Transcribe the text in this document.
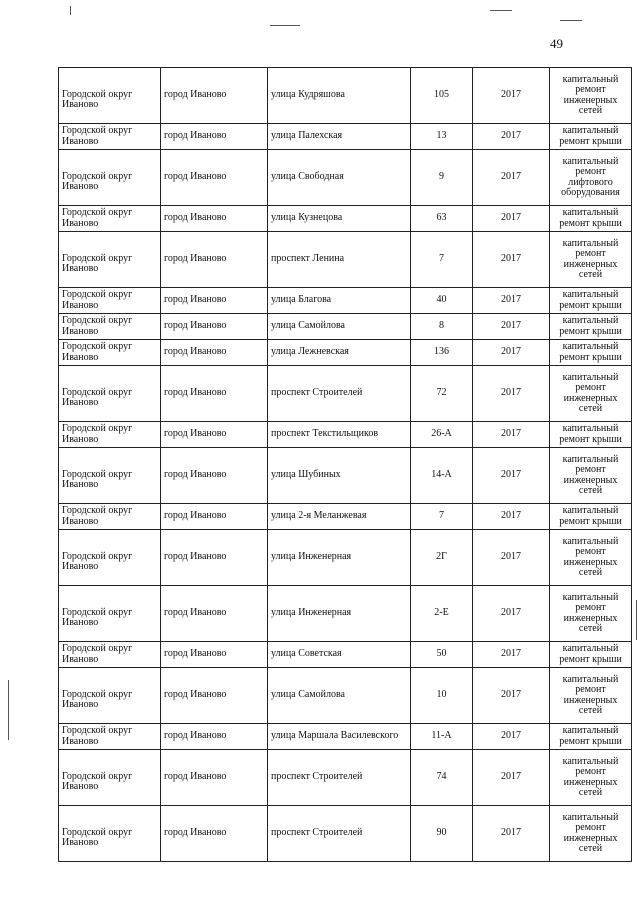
49
Городской округ Иваново	город Иваново	улица Кудряшова	105	2017	капитальный ремонт инженерных сетей
Городской округ Иваново	город Иваново	улица Палехская	13	2017	капитальный ремонт крыши
Городской округ Иваново	город Иваново	улица Свободная	9	2017	капитальный ремонт лифтового оборудования
Городской округ Иваново	город Иваново	улица Кузнецова	63	2017	капитальный ремонт крыши
Городской округ Иваново	город Иваново	проспект Ленина	7	2017	капитальный ремонт инженерных сетей
Городской округ Иваново	город Иваново	улица Благова	40	2017	капитальный ремонт крыши
Городской округ Иваново	город Иваново	улица Самойлова	8	2017	капитальный ремонт крыши
Городской округ Иваново	город Иваново	улица Лежневская	136	2017	капитальный ремонт крыши
Городской округ Иваново	город Иваново	проспект Строителей	72	2017	капитальный ремонт инженерных сетей
Городской округ Иваново	город Иваново	проспект Текстильщиков	26-А	2017	капитальный ремонт крыши
Городской округ Иваново	город Иваново	улица Шубиных	14-А	2017	капитальный ремонт инженерных сетей
Городской округ Иваново	город Иваново	улица 2-я Меланжевая	7	2017	капитальный ремонт крыши
Городской округ Иваново	город Иваново	улица Инженерная	2Г	2017	капитальный ремонт инженерных сетей
Городской округ Иваново	город Иваново	улица Инженерная	2-Е	2017	капитальный ремонт инженерных сетей
Городской округ Иваново	город Иваново	улица Советская	50	2017	капитальный ремонт крыши
Городской округ Иваново	город Иваново	улица Самойлова	10	2017	капитальный ремонт инженерных сетей
Городской округ Иваново	город Иваново	улица Маршала Василевского	11-А	2017	капитальный ремонт крыши
Городской округ Иваново	город Иваново	проспект Строителей	74	2017	капитальный ремонт инженерных сетей
Городской округ Иваново	город Иваново	проспект Строителей	90	2017	капитальный ремонт инженерных сетей
